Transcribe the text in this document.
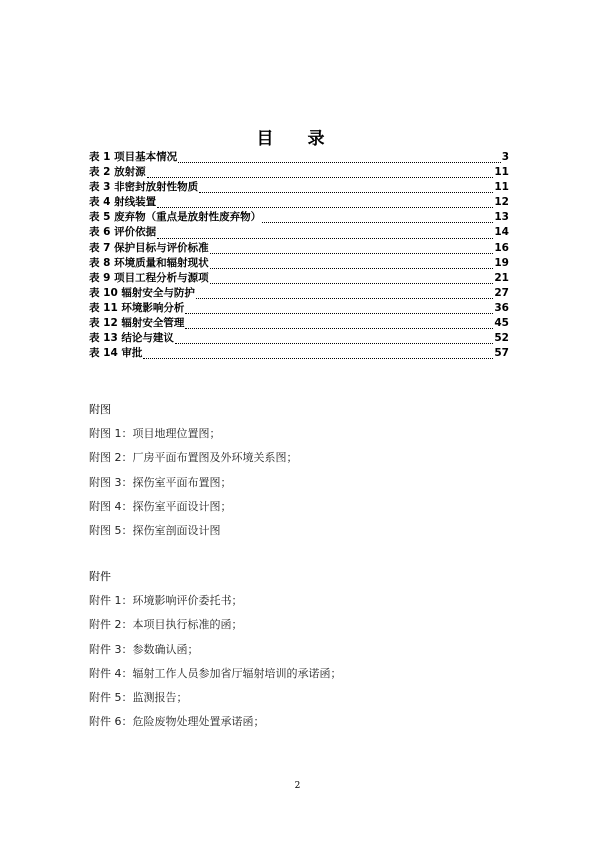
目 录
表 1 项目基本情况	3
表 2 放射源	11
表 3 非密封放射性物质	11
表 4 射线装置	12
表 5 废弃物（重点是放射性废弃物）	13
表 6 评价依据	14
表 7 保护目标与评价标准	16
表 8 环境质量和辐射现状	19
表 9 项目工程分析与源项	21
表 10 辐射安全与防护	27
表 11 环境影响分析	36
表 12 辐射安全管理	45
表 13 结论与建议	52
表 14 审批	57
附图
附图 1：项目地理位置图；
附图 2：厂房平面布置图及外环境关系图；
附图 3：探伤室平面布置图；
附图 4：探伤室平面设计图；
附图 5：探伤室剖面设计图
附件
附件 1：环境影响评价委托书；
附件 2：本项目执行标准的函；
附件 3：参数确认函；
附件 4：辐射工作人员参加省厅辐射培训的承诺函；
附件 5：监测报告；
附件 6：危险废物处理处置承诺函；
2
